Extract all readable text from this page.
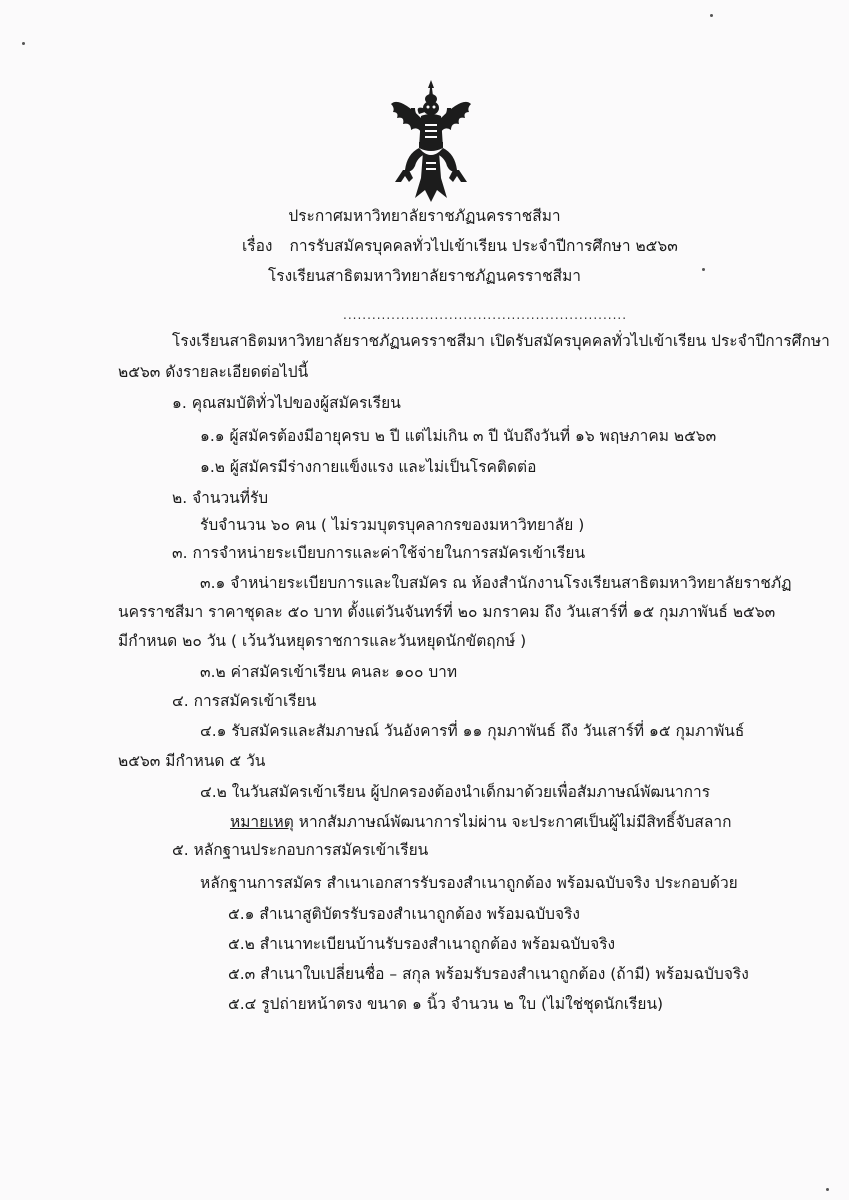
ประกาศมหาวิทยาลัยราชภัฏนครราชสีมา
เรื่อง การรับสมัครบุคคลทั่วไปเข้าเรียน ประจำปีการศึกษา ๒๕๖๓
โรงเรียนสาธิตมหาวิทยาลัยราชภัฏนครราชสีมา
...........................................................
โรงเรียนสาธิตมหาวิทยาลัยราชภัฏนครราชสีมา เปิดรับสมัครบุคคลทั่วไปเข้าเรียน ประจำปีการศึกษา
๒๕๖๓ ดังรายละเอียดต่อไปนี้
๑. คุณสมบัติทั่วไปของผู้สมัครเรียน
๑.๑ ผู้สมัครต้องมีอายุครบ ๒ ปี แต่ไม่เกิน ๓ ปี นับถึงวันที่ ๑๖ พฤษภาคม ๒๕๖๓
๑.๒ ผู้สมัครมีร่างกายแข็งแรง และไม่เป็นโรคติดต่อ
๒. จำนวนที่รับ
รับจำนวน ๖๐ คน ( ไม่รวมบุตรบุคลากรของมหาวิทยาลัย )
๓. การจำหน่ายระเบียบการและค่าใช้จ่ายในการสมัครเข้าเรียน
๓.๑ จำหน่ายระเบียบการและใบสมัคร ณ ห้องสำนักงานโรงเรียนสาธิตมหาวิทยาลัยราชภัฏ
นครราชสีมา ราคาชุดละ ๕๐ บาท ตั้งแต่วันจันทร์ที่ ๒๐ มกราคม ถึง วันเสาร์ที่ ๑๕ กุมภาพันธ์ ๒๕๖๓
มีกำหนด ๒๐ วัน ( เว้นวันหยุดราชการและวันหยุดนักขัตฤกษ์ )
๓.๒ ค่าสมัครเข้าเรียน คนละ ๑๐๐ บาท
๔. การสมัครเข้าเรียน
๔.๑ รับสมัครและสัมภาษณ์ วันอังคารที่ ๑๑ กุมภาพันธ์ ถึง วันเสาร์ที่ ๑๕ กุมภาพันธ์
๒๕๖๓ มีกำหนด ๕ วัน
๔.๒ ในวันสมัครเข้าเรียน ผู้ปกครองต้องนำเด็กมาด้วยเพื่อสัมภาษณ์พัฒนาการ
หมายเหตุ หากสัมภาษณ์พัฒนาการไม่ผ่าน จะประกาศเป็นผู้ไม่มีสิทธิ์จับสลาก
๕. หลักฐานประกอบการสมัครเข้าเรียน
หลักฐานการสมัคร สำเนาเอกสารรับรองสำเนาถูกต้อง พร้อมฉบับจริง ประกอบด้วย
๕.๑ สำเนาสูติบัตรรับรองสำเนาถูกต้อง พร้อมฉบับจริง
๕.๒ สำเนาทะเบียนบ้านรับรองสำเนาถูกต้อง พร้อมฉบับจริง
๕.๓ สำเนาใบเปลี่ยนชื่อ – สกุล พร้อมรับรองสำเนาถูกต้อง (ถ้ามี) พร้อมฉบับจริง
๕.๔ รูปถ่ายหน้าตรง ขนาด ๑ นิ้ว จำนวน ๒ ใบ (ไม่ใช่ชุดนักเรียน)
